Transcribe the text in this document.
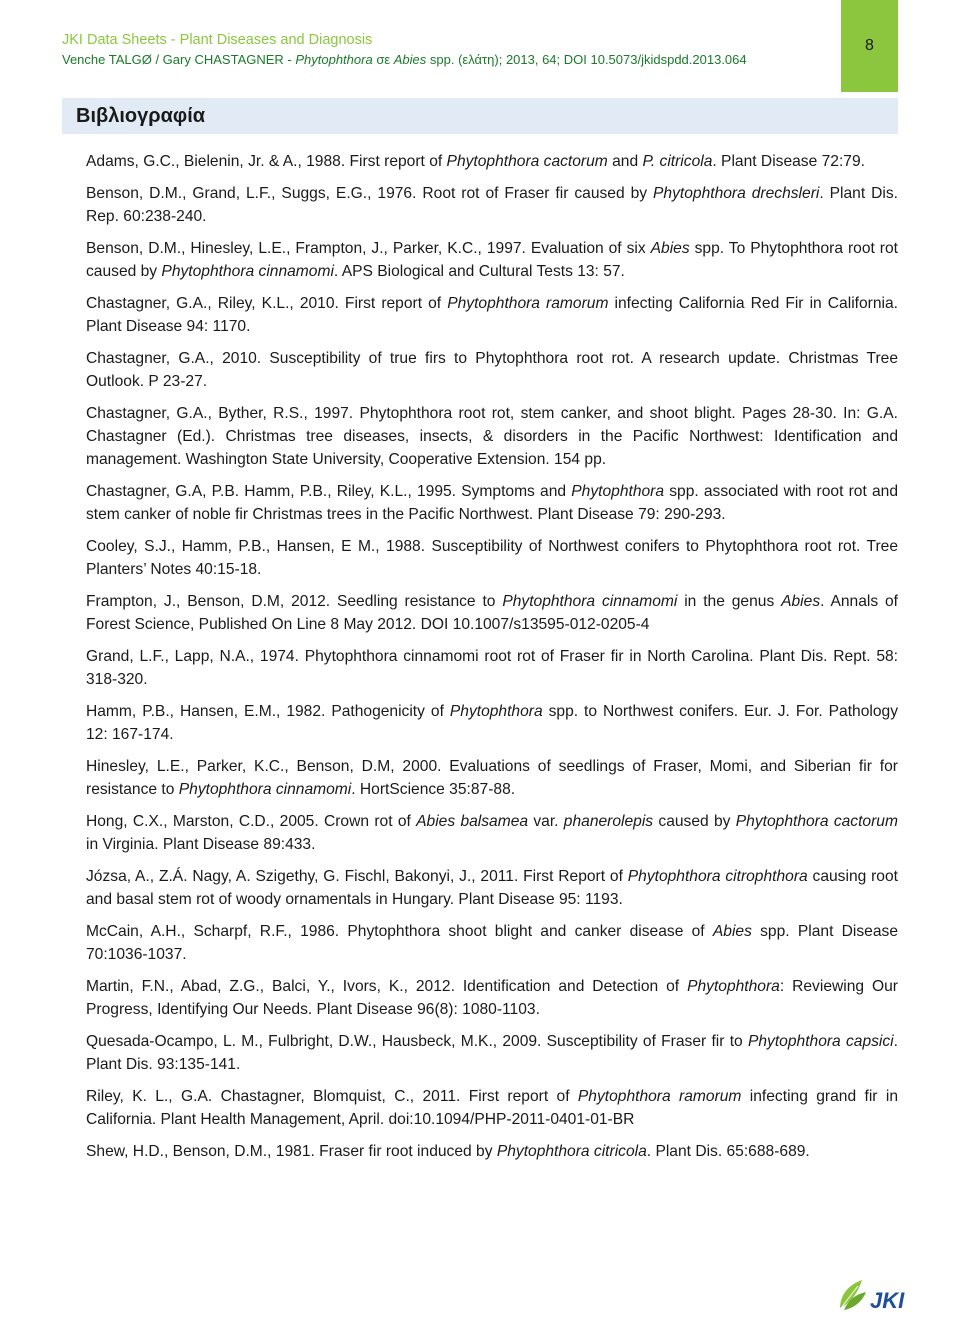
JKI Data Sheets - Plant Diseases and Diagnosis
Venche TALGØ / Gary CHASTAGNER - Phytophthora σε Abies spp. (ελάτη); 2013, 64; DOI 10.5073/jkidspdd.2013.064
8
Βιβλιογραφία

Adams, G.C., Bielenin, Jr. & A., 1988. First report of Phytophthora cactorum and P. citricola. Plant Disease 72:79.

Benson, D.M., Grand, L.F., Suggs, E.G., 1976. Root rot of Fraser fir caused by Phytophthora drechsleri. Plant Dis. Rep. 60:238-240.

Benson, D.M., Hinesley, L.E., Frampton, J., Parker, K.C., 1997. Evaluation of six Abies spp. To Phytophthora root rot caused by Phytophthora cinnamomi. APS Biological and Cultural Tests 13: 57.

Chastagner, G.A., Riley, K.L., 2010. First report of Phytophthora ramorum infecting California Red Fir in California. Plant Disease 94: 1170.

Chastagner, G.A., 2010. Susceptibility of true firs to Phytophthora root rot. A research update. Christmas Tree Outlook. P 23-27.

Chastagner, G.A., Byther, R.S., 1997. Phytophthora root rot, stem canker, and shoot blight. Pages 28-30. In: G.A. Chastagner (Ed.). Christmas tree diseases, insects, & disorders in the Pacific Northwest: Identification and management. Washington State University, Cooperative Extension. 154 pp.

Chastagner, G.A, P.B. Hamm, P.B., Riley, K.L., 1995. Symptoms and Phytophthora spp. associated with root rot and stem canker of noble fir Christmas trees in the Pacific Northwest. Plant Disease 79: 290-293.

Cooley, S.J., Hamm, P.B., Hansen, E M., 1988. Susceptibility of Northwest conifers to Phytophthora root rot. Tree Planters’ Notes 40:15-18.

Frampton, J., Benson, D.M, 2012. Seedling resistance to Phytophthora cinnamomi in the genus Abies. Annals of Forest Science, Published On Line 8 May 2012. DOI 10.1007/s13595-012-0205-4

Grand, L.F., Lapp, N.A., 1974. Phytophthora cinnamomi root rot of Fraser fir in North Carolina. Plant Dis. Rept. 58: 318-320.

Hamm, P.B., Hansen, E.M., 1982. Pathogenicity of Phytophthora spp. to Northwest conifers. Eur. J. For. Pathology 12: 167-174.

Hinesley, L.E., Parker, K.C., Benson, D.M, 2000. Evaluations of seedlings of Fraser, Momi, and Siberian fir for resistance to Phytophthora cinnamomi. HortScience 35:87-88.

Hong, C.X., Marston, C.D., 2005. Crown rot of Abies balsamea var. phanerolepis caused by Phytophthora cactorum in Virginia. Plant Disease 89:433.

Józsa, A., Z.Á. Nagy, A. Szigethy, G. Fischl, Bakonyi, J., 2011. First Report of Phytophthora citrophthora causing root and basal stem rot of woody ornamentals in Hungary. Plant Disease 95: 1193.

McCain, A.H., Scharpf, R.F., 1986. Phytophthora shoot blight and canker disease of Abies spp. Plant Disease 70:1036-1037.

Martin, F.N., Abad, Z.G., Balci, Y., Ivors, K., 2012. Identification and Detection of Phytophthora: Reviewing Our Progress, Identifying Our Needs. Plant Disease 96(8): 1080-1103.

Quesada-Ocampo, L. M., Fulbright, D.W., Hausbeck, M.K., 2009. Susceptibility of Fraser fir to Phytophthora capsici. Plant Dis. 93:135-141.

Riley, K. L., G.A. Chastagner, Blomquist, C., 2011. First report of Phytophthora ramorum infecting grand fir in California. Plant Health Management, April. doi:10.1094/PHP-2011-0401-01-BR

Shew, H.D., Benson, D.M., 1981. Fraser fir root induced by Phytophthora citricola. Plant Dis. 65:688-689.

JKI
